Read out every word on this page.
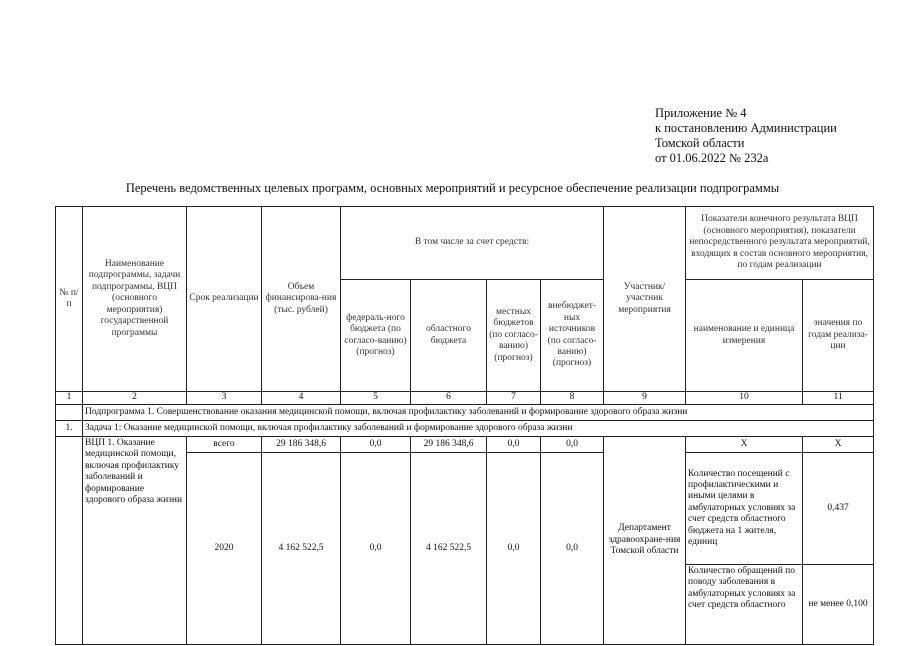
Приложение № 4
к постановлению Администрации
Томской области
от 01.06.2022 № 232а
Перечень ведомственных целевых программ, основных мероприятий и ресурсное обеспечение реализации подпрограммы
№ п/п	Наименование подпрограммы, задачи подпрограммы, ВЦП (основного мероприятия) государственной программы	Срок реализации	Объем финансирова-ния (тыс. рублей)	В том числе за счет средств:				Участник/ участник мероприятия	Показатели конечного результата ВЦП (основного мероприятия), показатели непосредственного результата мероприятий, входящих в состав основного мероприятия, по годам реализации	
				федераль-ного бюджета (по согласо-ванию) (прогноз)	областного бюджета	местных бюджетов (по согласо-ванию) (прогноз)	внебюджет-ных источников (по согласо-ванию) (прогноз)		наименование и единица измерения	значения по годам реализа-ции
1	2	3	4	5	6	7	8	9	10	11
	Подпрограмма 1. Совершенствование оказания медицинской помощи, включая профилактику заболеваний и формирование здорового образа жизни									
1.	Задача 1: Оказание медицинской помощи, включая профилактику заболеваний и формирование здорового образа жизни									
	ВЦП 1. Оказание медицинской помощи, включая профилактику заболеваний и формирование здорового образа жизни	всего	29 186 348,6	0,0	29 186 348,6	0,0	0,0	Департамент здравоохране-ния Томской области	Х	Х
		2020	4 162 522,5	0,0	4 162 522,5	0,0	0,0		Количество посещений с профилактическими и иными целями в амбулаторных условиях за счет средств областного бюджета на 1 жителя, единиц	0,437
									Количество обращений по поводу заболевания в амбулаторных условиях за счет средств областного	не менее 0,100
